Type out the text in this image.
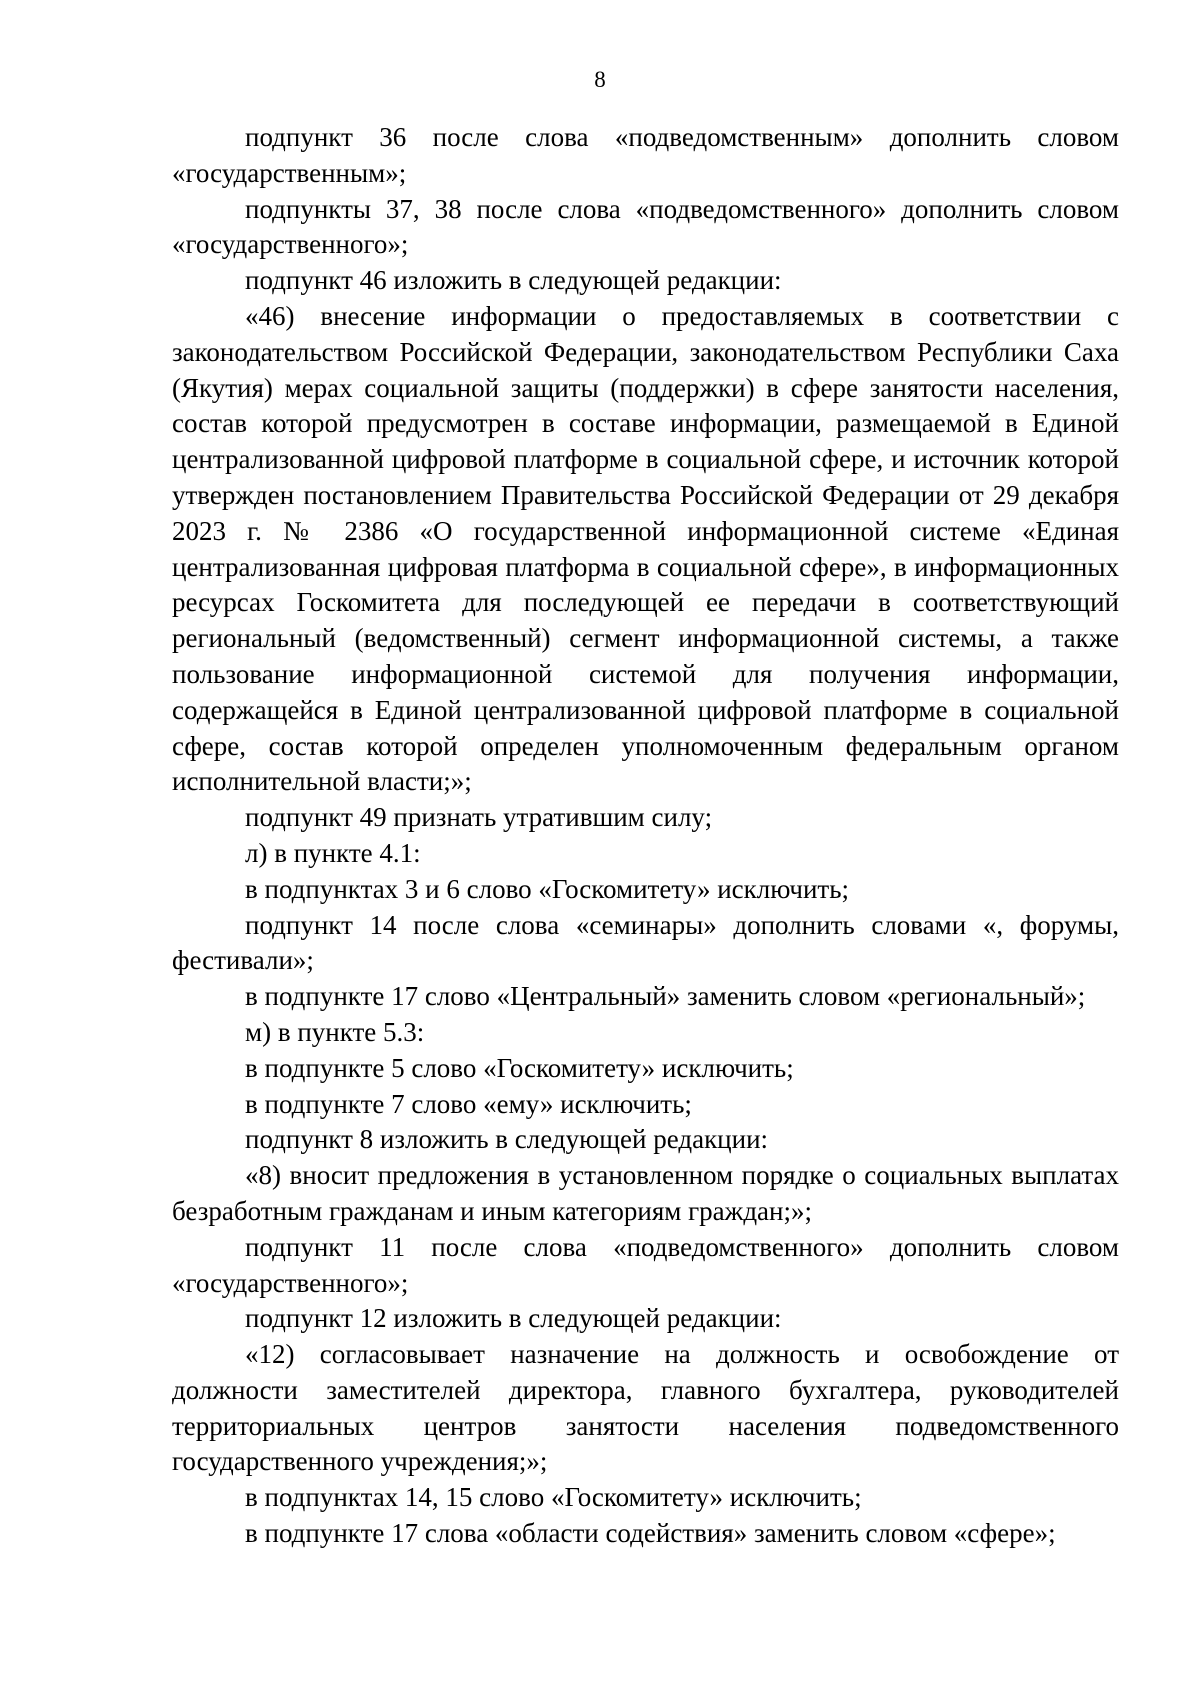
8

подпункт 36 после слова «подведомственным» дополнить словом «государственным»;

подпункты 37, 38 после слова «подведомственного» дополнить словом «государственного»;

подпункт 46 изложить в следующей редакции:

«46) внесение информации о предоставляемых в соответствии с законодательством Российской Федерации, законодательством Республики Саха (Якутия) мерах социальной защиты (поддержки) в сфере занятости населения, состав которой предусмотрен в составе информации, размещаемой в Единой централизованной цифровой платформе в социальной сфере, и источник которой утвержден постановлением Правительства Российской Федерации от 29 декабря 2023 г. № 2386 «О государственной информационной системе «Единая централизованная цифровая платформа в социальной сфере», в информационных ресурсах Госкомитета для последующей ее передачи в соответствующий региональный (ведомственный) сегмент информационной системы, а также пользование информационной системой для получения информации, содержащейся в Единой централизованной цифровой платформе в социальной сфере, состав которой определен уполномоченным федеральным органом исполнительной власти;»;

подпункт 49 признать утратившим силу;

л) в пункте 4.1:

в подпунктах 3 и 6 слово «Госкомитету» исключить;

подпункт 14 после слова «семинары» дополнить словами «, форумы, фестивали»;

в подпункте 17 слово «Центральный» заменить словом «региональный»;

м) в пункте 5.3:

в подпункте 5 слово «Госкомитету» исключить;

в подпункте 7 слово «ему» исключить;

подпункт 8 изложить в следующей редакции:

«8) вносит предложения в установленном порядке о социальных выплатах безработным гражданам и иным категориям граждан;»;

подпункт 11 после слова «подведомственного» дополнить словом «государственного»;

подпункт 12 изложить в следующей редакции:

«12) согласовывает назначение на должность и освобождение от должности заместителей директора, главного бухгалтера, руководителей территориальных центров занятости населения подведомственного государственного учреждения;»;

в подпунктах 14, 15 слово «Госкомитету» исключить;

в подпункте 17 слова «области содействия» заменить словом «сфере»;
